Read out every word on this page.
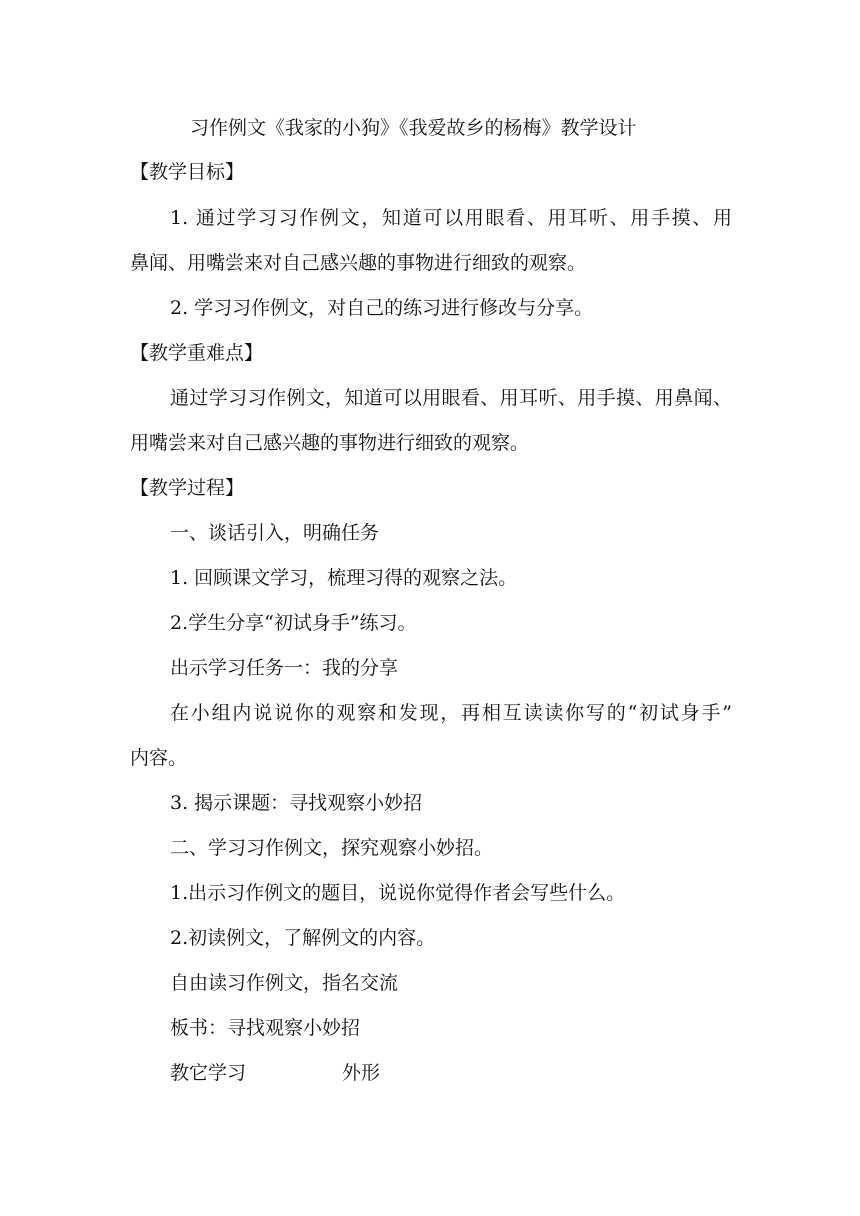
习作例文《我家的小狗》《我爱故乡的杨梅》教学设计
【教学目标】
1. 通过学习习作例文，知道可以用眼看、用耳听、用手摸、用
鼻闻、用嘴尝来对自己感兴趣的事物进行细致的观察。
2. 学习习作例文，对自己的练习进行修改与分享。
【教学重难点】
通过学习习作例文，知道可以用眼看、用耳听、用手摸、用鼻闻、
用嘴尝来对自己感兴趣的事物进行细致的观察。
【教学过程】
一、谈话引入，明确任务
1. 回顾课文学习，梳理习得的观察之法。
2.学生分享“初试身手”练习。
出示学习任务一：我的分享
在小组内说说你的观察和发现，再相互读读你写的“初试身手”
内容。
3. 揭示课题：寻找观察小妙招
二、学习习作例文，探究观察小妙招。
1.出示习作例文的题目，说说你觉得作者会写些什么。
2.初读例文，了解例文的内容。
自由读习作例文，指名交流
板书：寻找观察小妙招
教它学习	外形
